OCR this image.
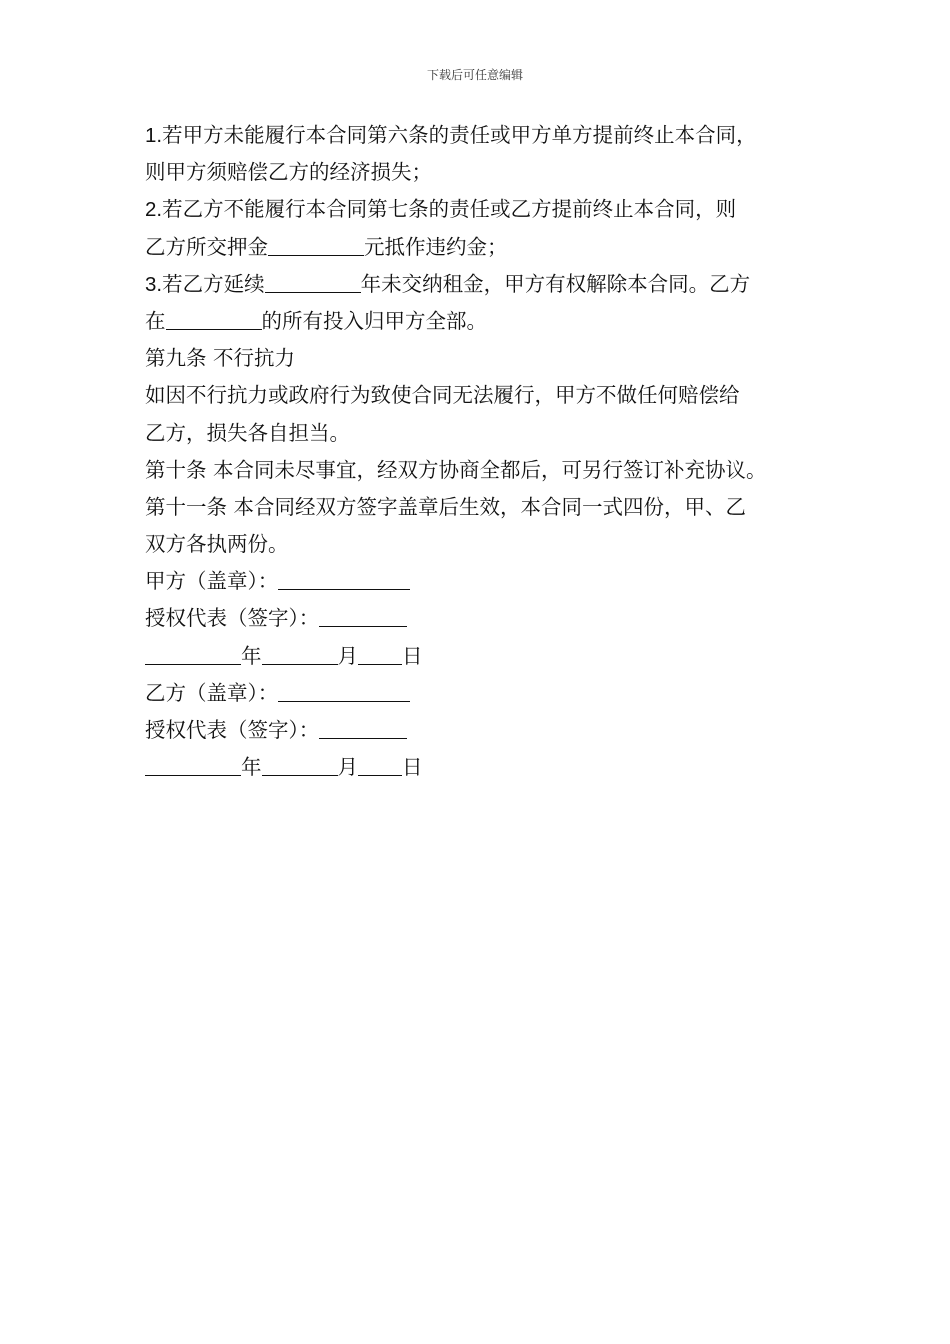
下载后可任意编辑
1.若甲方未能履行本合同第六条的责任或甲方单方提前终止本合同，
则甲方须赔偿乙方的经济损失；
2.若乙方不能履行本合同第七条的责任或乙方提前终止本合同，则
乙方所交押金	元抵作违约金；
3.若乙方延续	年未交纳租金，甲方有权解除本合同。乙方
在	的所有投入归甲方全部。
第九条 不行抗力
如因不行抗力或政府行为致使合同无法履行，甲方不做任何赔偿给
乙方，损失各自担当。
第十条 本合同未尽事宜，经双方协商全都后，可另行签订补充协议。
第十一条 本合同经双方签字盖章后生效，本合同一式四份，甲、乙
双方各执两份。
甲方（盖章）：
授权代表（签字）：
年	月 日
乙方（盖章）：
授权代表（签字）：
年	月 日
